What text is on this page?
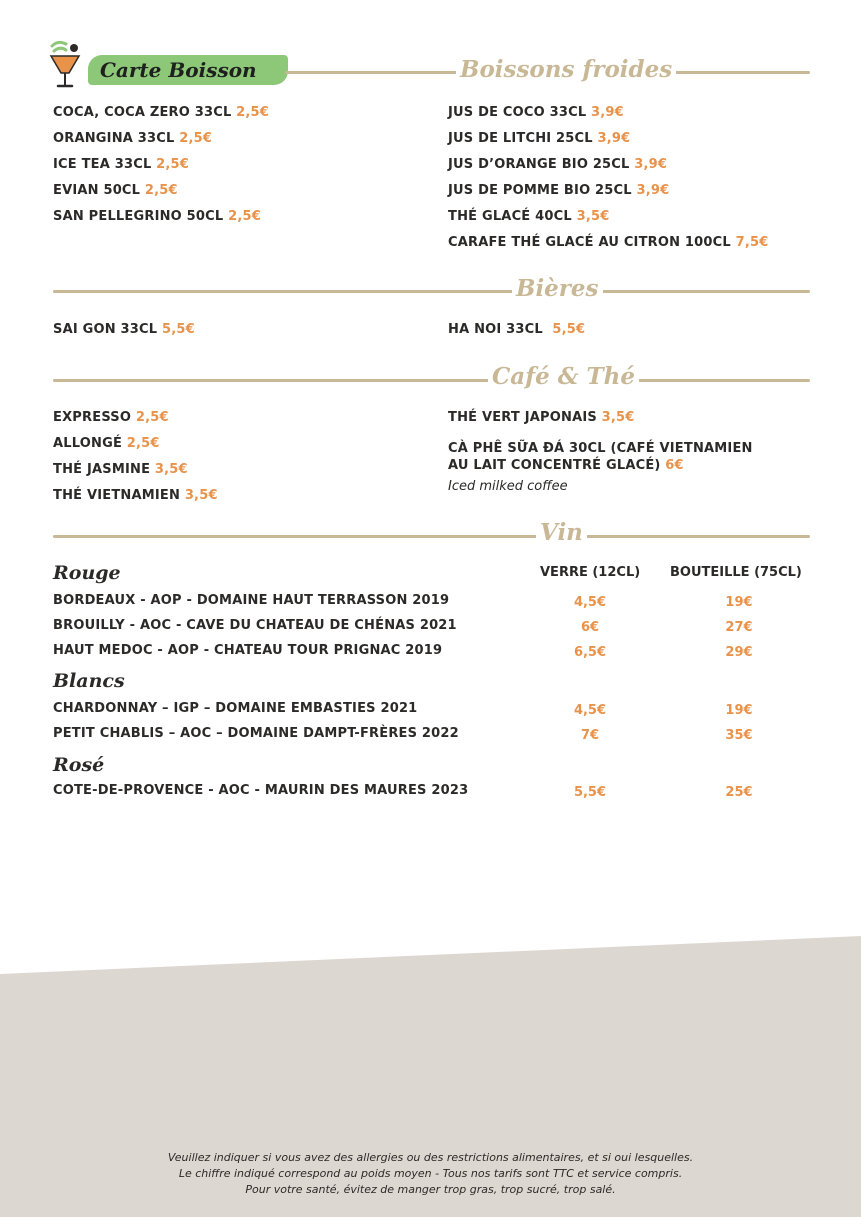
Carte Boisson	Boissons froides
COCA, COCA ZERO 33CL 2,5€
ORANGINA 33CL 2,5€
ICE TEA 33CL 2,5€
EVIAN 50CL 2,5€
SAN PELLEGRINO 50CL 2,5€
JUS DE COCO 33CL 3,9€
JUS DE LITCHI 25CL 3,9€
JUS D’ORANGE BIO 25CL 3,9€
JUS DE POMME BIO 25CL 3,9€
THÉ GLACÉ 40CL 3,5€
CARAFE THÉ GLACÉ AU CITRON 100CL 7,5€
Bières
SAI GON 33CL 5,5€	HA NOI 33CL 5,5€
Café & Thé
EXPRESSO 2,5€
ALLONGÉ 2,5€
THÉ JASMINE 3,5€
THÉ VIETNAMIEN 3,5€
THÉ VERT JAPONAIS 3,5€
CÀ PHÊ SỮA ĐÁ 30CL (CAFÉ VIETNAMIEN
AU LAIT CONCENTRÉ GLACÉ) 6€
Iced milked coffee
Vin
Rouge	VERRE (12CL) BOUTEILLE (75CL)
BORDEAUX - AOP - DOMAINE HAUT TERRASSON 2019	4,5€	19€
BROUILLY - AOC - CAVE DU CHATEAU DE CHÉNAS 2021	6€	27€
HAUT MEDOC - AOP - CHATEAU TOUR PRIGNAC 2019	6,5€	29€
Blancs
CHARDONNAY – IGP – DOMAINE EMBASTIES 2021	4,5€	19€
PETIT CHABLIS – AOC – DOMAINE DAMPT-FRÈRES 2022	7€	35€
Rosé
COTE-DE-PROVENCE - AOC - MAURIN DES MAURES 2023	5,5€	25€
Veuillez indiquer si vous avez des allergies ou des restrictions alimentaires, et si oui lesquelles.
Le chiffre indiqué correspond au poids moyen - Tous nos tarifs sont TTC et service compris.
Pour votre santé, évitez de manger trop gras, trop sucré, trop salé.
